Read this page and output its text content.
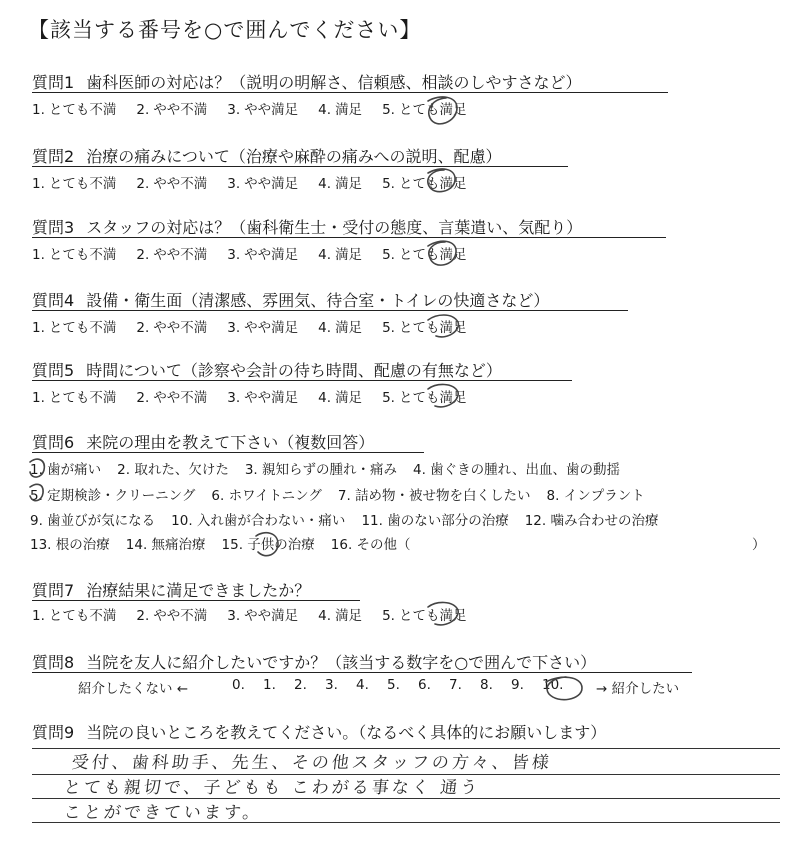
【該当する番号を○で囲んでください】
質問1 歯科医師の対応は？（説明の明解さ、信頼感、相談のしやすさなど）
1. とても不満 2. やや不満 3. やや満足 4. 満足 5. とても満足
質問2 治療の痛みについて（治療や麻酔の痛みへの説明、配慮）
1. とても不満 2. やや不満 3. やや満足 4. 満足 5. とても満足
質問3 スタッフの対応は？（歯科衛生士・受付の態度、言葉遣い、気配り）
1. とても不満 2. やや不満 3. やや満足 4. 満足 5. とても満足
質問4 設備・衛生面（清潔感、雰囲気、待合室・トイレの快適さなど）
1. とても不満 2. やや不満 3. やや満足 4. 満足 5. とても満足
質問5 時間について（診察や会計の待ち時間、配慮の有無など）
1. とても不満 2. やや不満 3. やや満足 4. 満足 5. とても満足
質問6 来院の理由を教えて下さい（複数回答）
1. 歯が痛い 2. 取れた、欠けた 3. 親知らずの腫れ・痛み 4. 歯ぐきの腫れ、出血、歯の動揺
5. 定期検診・クリーニング 6. ホワイトニング 7. 詰め物・被せ物を白くしたい 8. インプラント
9. 歯並びが気になる 10. 入れ歯が合わない・痛い 11. 歯のない部分の治療 12. 噛み合わせの治療
13. 根の治療 14. 無痛治療 15. 子供の治療 16. その他（	）
質問7 治療結果に満足できましたか？
1. とても不満 2. やや不満 3. やや満足 4. 満足 5. とても満足
質問8 当院を友人に紹介したいですか？（該当する数字を○で囲んで下さい）
紹介したくない ←	0.	1.	2.	3.	4.	5.	6.	7.	8.	9.	10.	→ 紹介したい
質問9 当院の良いところを教えてください。（なるべく具体的にお願いします）
受付、歯科助手、先生、その他スタッフの方々、皆様
とても親切で、子どもも こわがる事なく 通う
ことができています。
